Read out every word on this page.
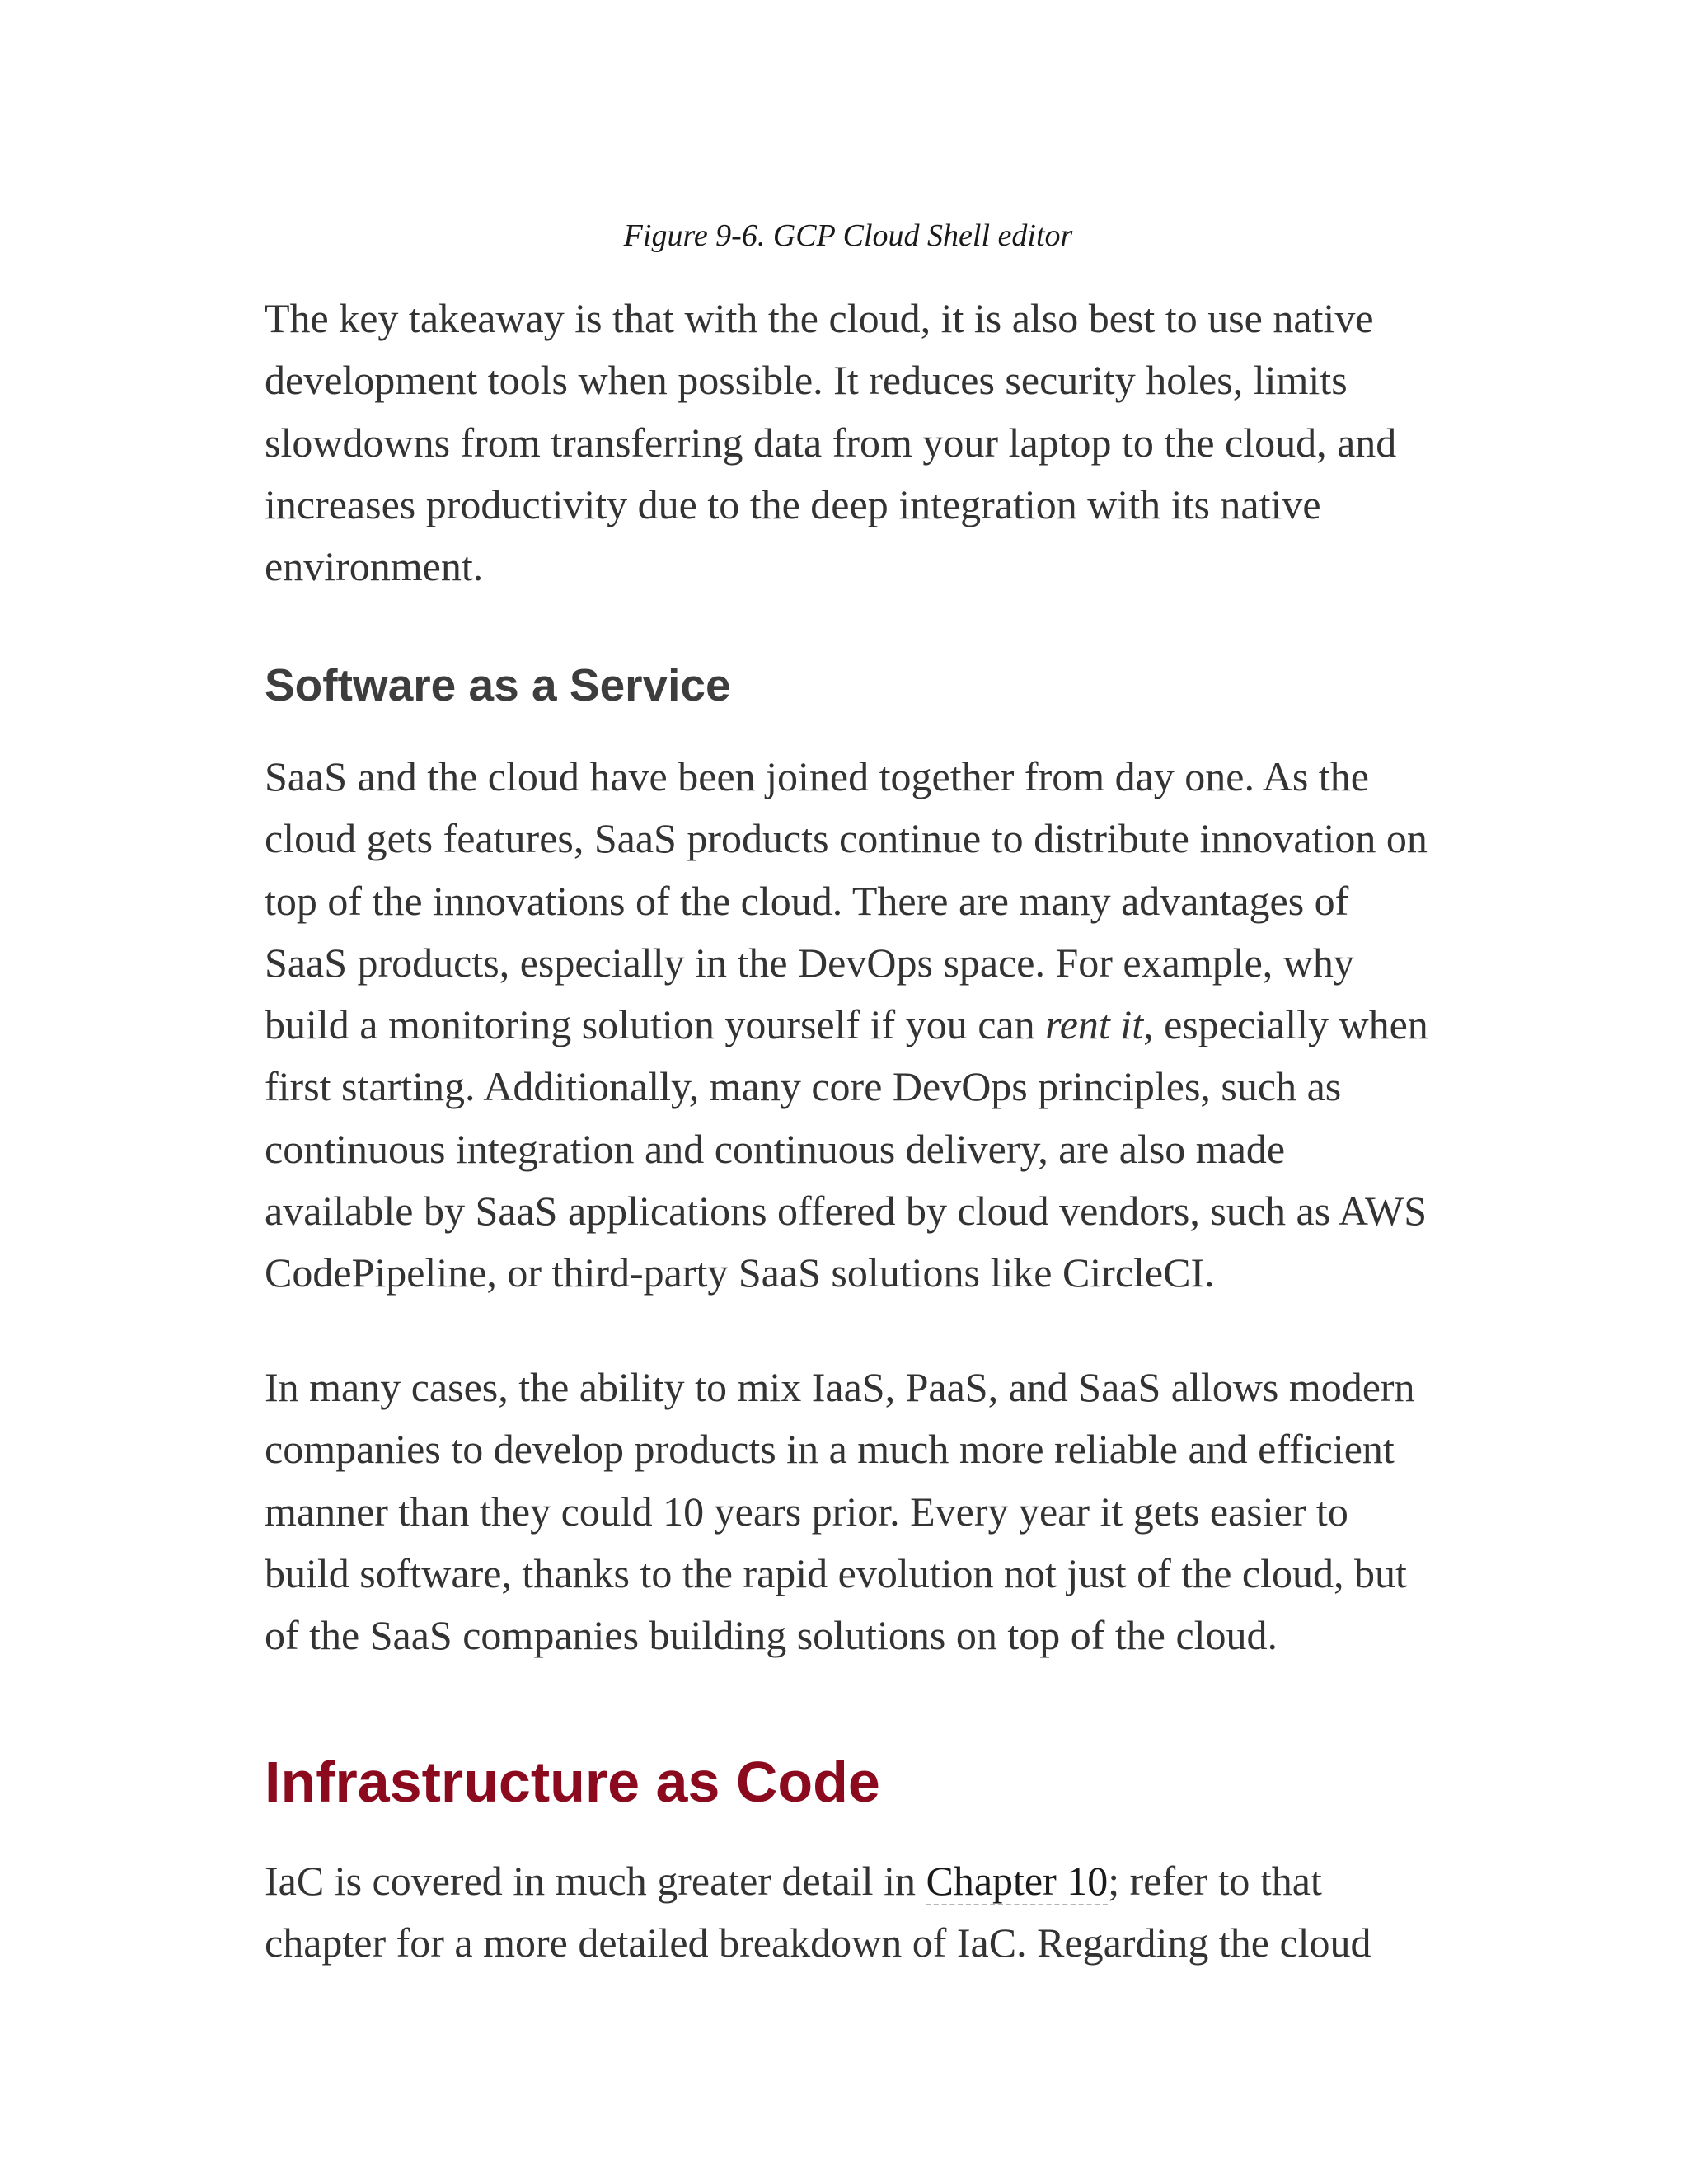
Figure 9-6. GCP Cloud Shell editor

The key takeaway is that with the cloud, it is also best to use native development tools when possible. It reduces security holes, limits slowdowns from transferring data from your laptop to the cloud, and increases productivity due to the deep integration with its native environment.

Software as a Service

SaaS and the cloud have been joined together from day one. As the cloud gets features, SaaS products continue to distribute innovation on top of the innovations of the cloud. There are many advantages of SaaS products, especially in the DevOps space. For example, why build a monitoring solution yourself if you can rent it, especially when first starting. Additionally, many core DevOps principles, such as continuous integration and continuous delivery, are also made available by SaaS applications offered by cloud vendors, such as AWS CodePipeline, or third-party SaaS solutions like CircleCI.

In many cases, the ability to mix IaaS, PaaS, and SaaS allows modern companies to develop products in a much more reliable and efficient manner than they could 10 years prior. Every year it gets easier to build software, thanks to the rapid evolution not just of the cloud, but of the SaaS companies building solutions on top of the cloud.

Infrastructure as Code

IaC is covered in much greater detail in Chapter 10; refer to that chapter for a more detailed breakdown of IaC. Regarding the cloud
